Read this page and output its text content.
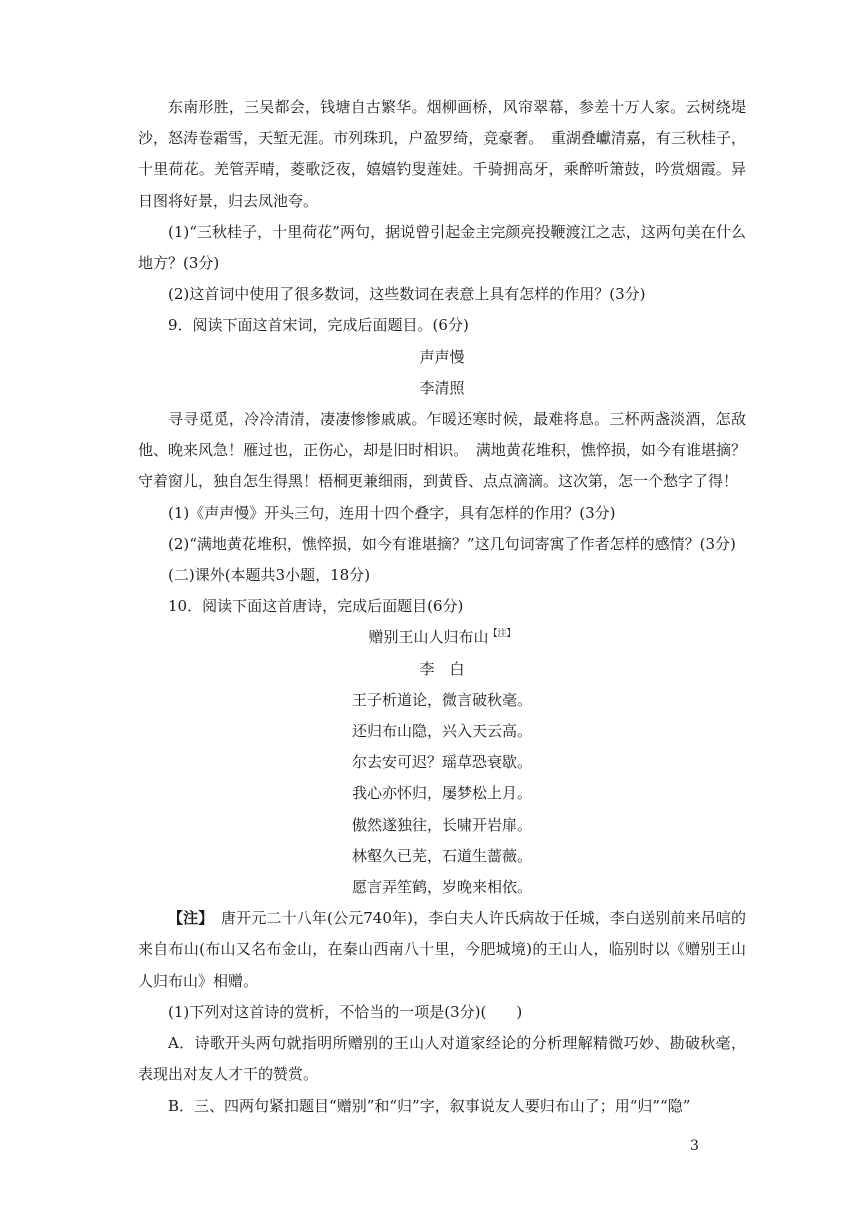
东南形胜，三吴都会，钱塘自古繁华。烟柳画桥，风帘翠幕，参差十万人家。云树绕堤沙，怒涛卷霜雪，天堑无涯。市列珠玑，户盈罗绮，竞豪奢。　重湖叠巘清嘉，有三秋桂子，十里荷花。羌管弄晴，菱歌泛夜，嬉嬉钓叟莲娃。千骑拥高牙，乘醉听箫鼓，吟赏烟霞。异日图将好景，归去凤池夸。

(1)“三秋桂子，十里荷花”两句，据说曾引起金主完颜亮投鞭渡江之志，这两句美在什么地方？(3分)

(2)这首词中使用了很多数词，这些数词在表意上具有怎样的作用？(3分)

9．阅读下面这首宋词，完成后面题目。(6分)

声声慢

李清照

寻寻觅觅，冷冷清清，凄凄惨惨戚戚。乍暖还寒时候，最难将息。三杯两盏淡酒，怎敌他、晚来风急！雁过也，正伤心，却是旧时相识。　满地黄花堆积，憔悴损，如今有谁堪摘？守着窗儿，独自怎生得黑！梧桐更兼细雨，到黄昏、点点滴滴。这次第，怎一个愁字了得！

(1)《声声慢》开头三句，连用十四个叠字，具有怎样的作用？(3分)

(2)“满地黄花堆积，憔悴损，如今有谁堪摘？”这几句词寄寓了作者怎样的感情？(3分)

(二)课外(本题共3小题，18分)

10．阅读下面这首唐诗，完成后面题目(6分)

赠别王山人归布山$^{【注】}$

李　白

王子析道论，微言破秋毫。

还归布山隐，兴入天云高。

尔去安可迟？瑶草恐衰歇。

我心亦怀归，屡梦松上月。

傲然遂独往，长啸开岩扉。

林壑久已芜，石道生蔷薇。

愿言弄笙鹤，岁晚来相依。

【注】　唐开元二十八年(公元740年)，李白夫人许氏病故于任城，李白送别前来吊唁的来自布山(布山又名布金山，在秦山西南八十里，今肥城境)的王山人，临别时以《赠别王山人归布山》相赠。

(1)下列对这首诗的赏析，不恰当的一项是(3分)(　　)

A．诗歌开头两句就指明所赠别的王山人对道家经论的分析理解精微巧妙、勘破秋毫，表现出对友人才干的赞赏。

B．三、四两句紧扣题目“赠别”和“归”字，叙事说友人要归布山了；用“归”“隐”

3
